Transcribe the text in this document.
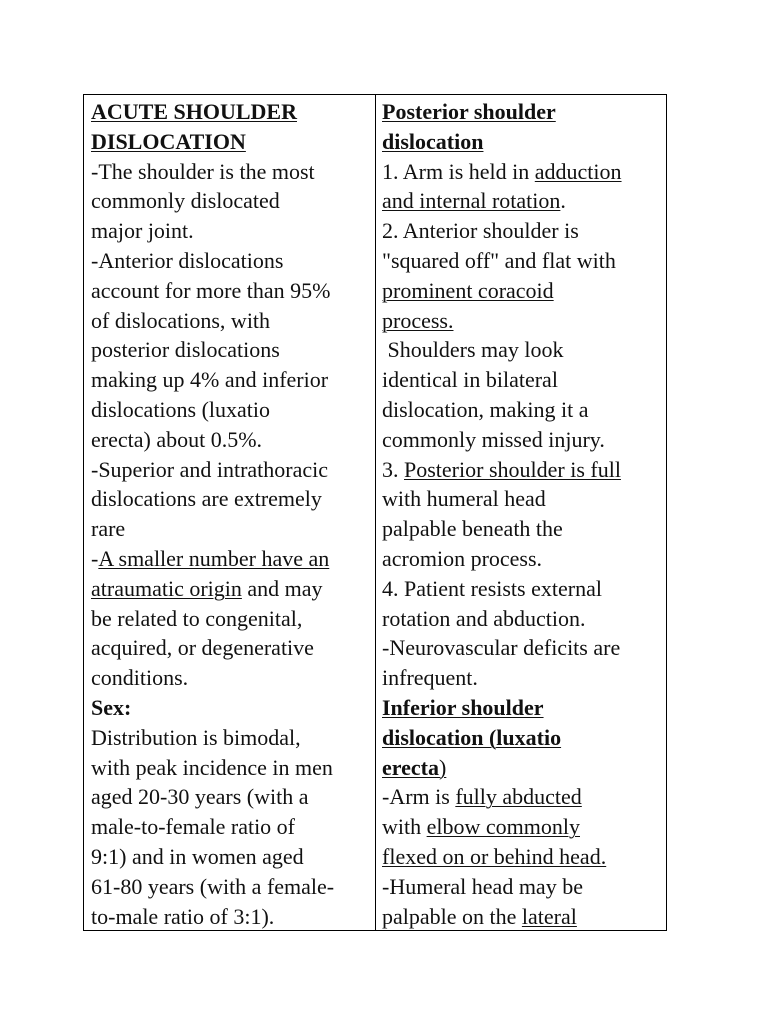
ACUTE SHOULDER
DISLOCATION
-The shoulder is the most
commonly dislocated
major joint.
-Anterior dislocations
account for more than 95%
of dislocations, with
posterior dislocations
making up 4% and inferior
dislocations (luxatio
erecta) about 0.5%.
-Superior and intrathoracic
dislocations are extremely
rare
-A smaller number have an
atraumatic origin and may
be related to congenital,
acquired, or degenerative
conditions.
Sex:
Distribution is bimodal,
with peak incidence in men
aged 20-30 years (with a
male-to-female ratio of
9:1) and in women aged
61-80 years (with a female-
to-male ratio of 3:1).
Posterior shoulder
dislocation
1. Arm is held in adduction
and internal rotation.
2. Anterior shoulder is
"squared off" and flat with
prominent coracoid
process.
Shoulders may look
identical in bilateral
dislocation, making it a
commonly missed injury.
3. Posterior shoulder is full
with humeral head
palpable beneath the
acromion process.
4. Patient resists external
rotation and abduction.
-Neurovascular deficits are
infrequent.
Inferior shoulder
dislocation (luxatio
erecta)
-Arm is fully abducted
with elbow commonly
flexed on or behind head.
-Humeral head may be
palpable on the lateral
